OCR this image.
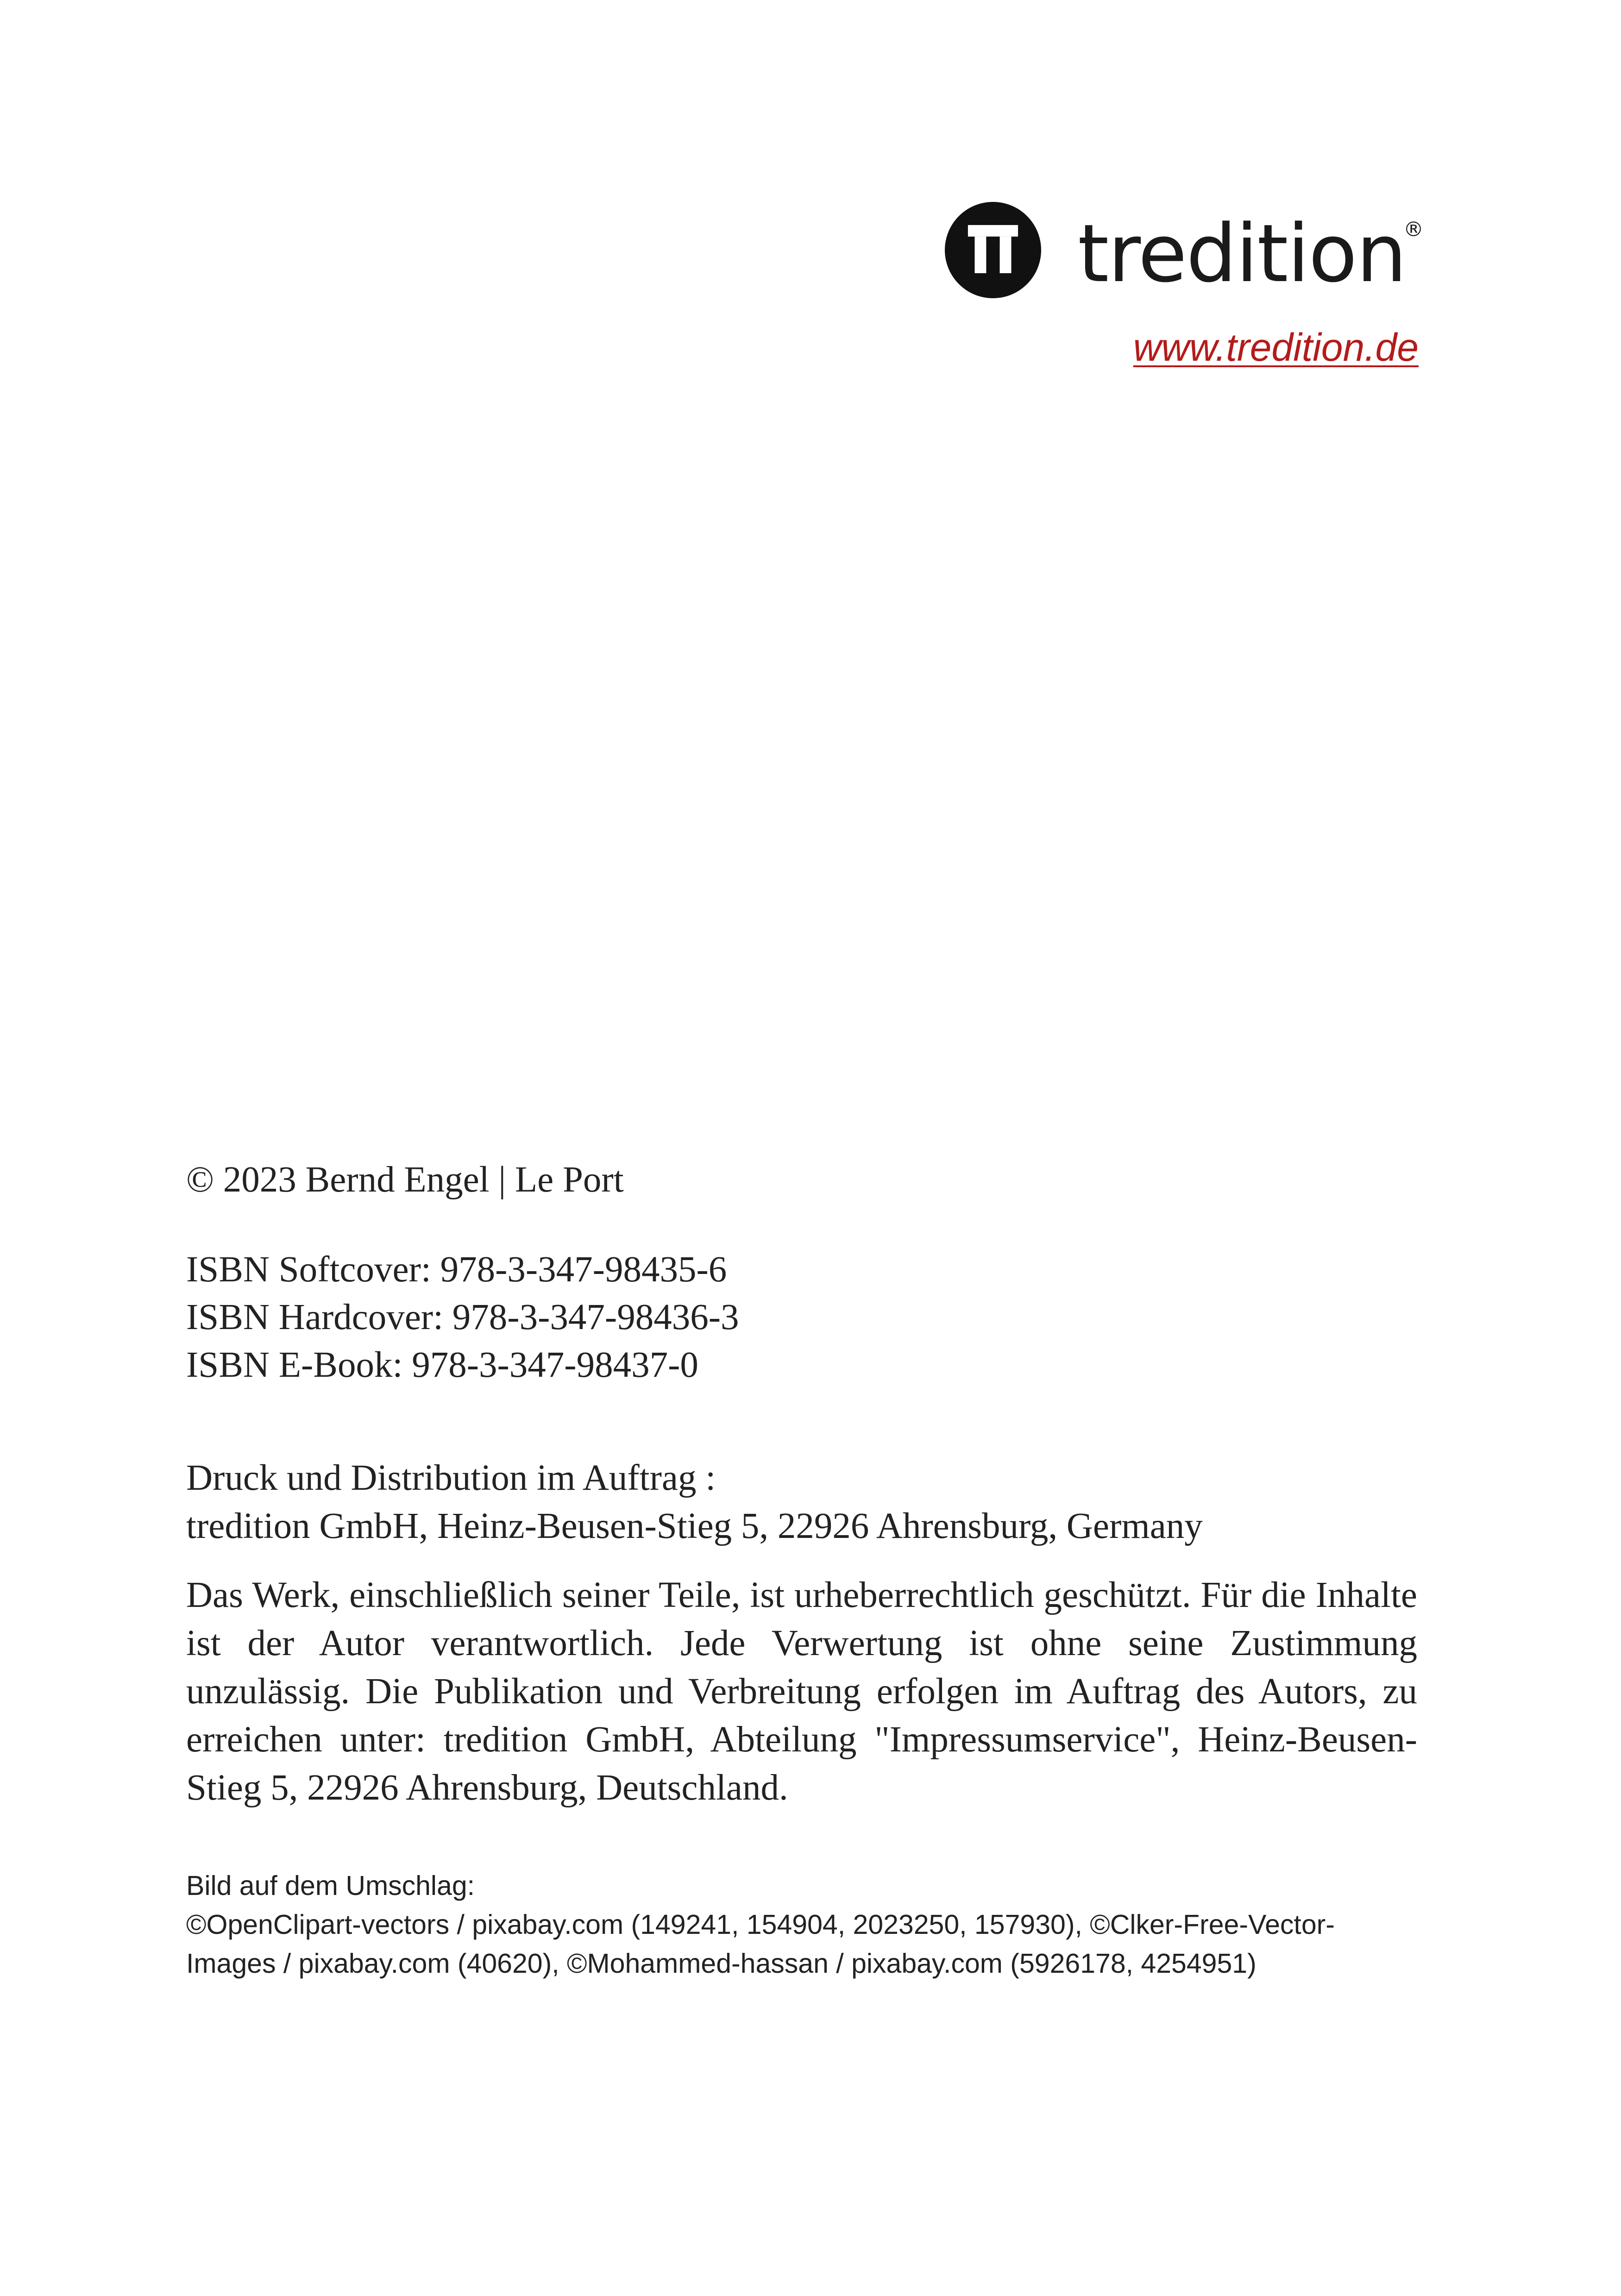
tredition
®
www.tredition.de
© 2023 Bernd Engel | Le Port
ISBN Softcover: 978-3-347-98435-6
ISBN Hardcover: 978-3-347-98436-3
ISBN E-Book: 978-3-347-98437-0
Druck und Distribution im Auftrag :
tredition GmbH, Heinz-Beusen-Stieg 5, 22926 Ahrensburg, Germany
Das Werk, einschließlich seiner Teile, ist urheberrechtlich geschützt. Für die Inhalte ist der Autor verantwortlich. Jede Verwertung ist ohne seine Zustimmung unzulässig. Die Publikation und Verbreitung erfolgen im Auftrag des Autors, zu erreichen unter: tredition GmbH, Abteilung "Impressumservice", Heinz-Beusen-Stieg 5, 22926 Ahrensburg, Deutschland.
Bild auf dem Umschlag:
©OpenClipart-vectors / pixabay.com (149241, 154904, 2023250, 157930), ©Clker-Free-Vector-
Images / pixabay.com (40620), ©Mohammed-hassan / pixabay.com (5926178, 4254951)
